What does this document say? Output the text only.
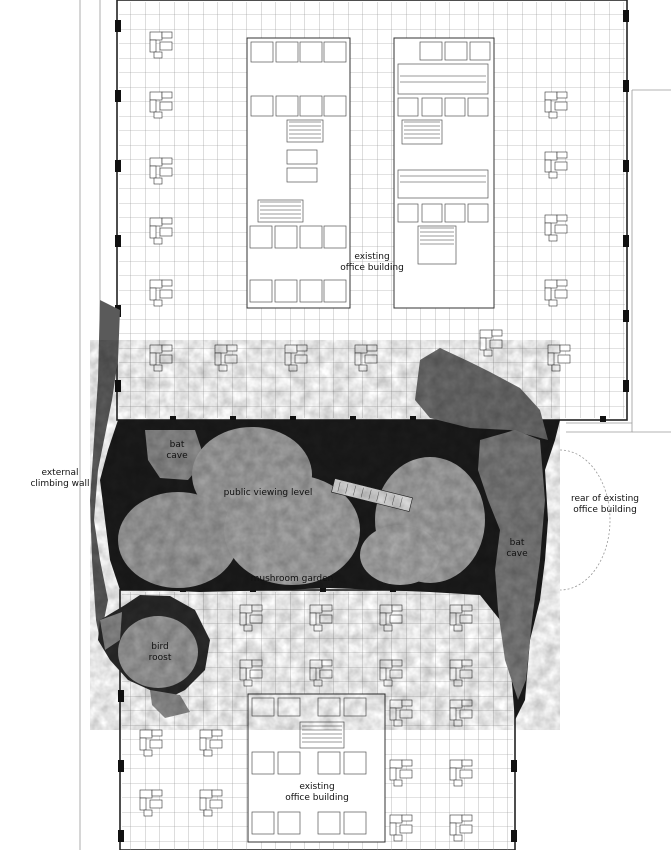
existing
office building
existing
office building
external
climbing wall
rear of existing
office building
public viewing level
bat
cave
bat
cave
mushroom garden
bird
roost
